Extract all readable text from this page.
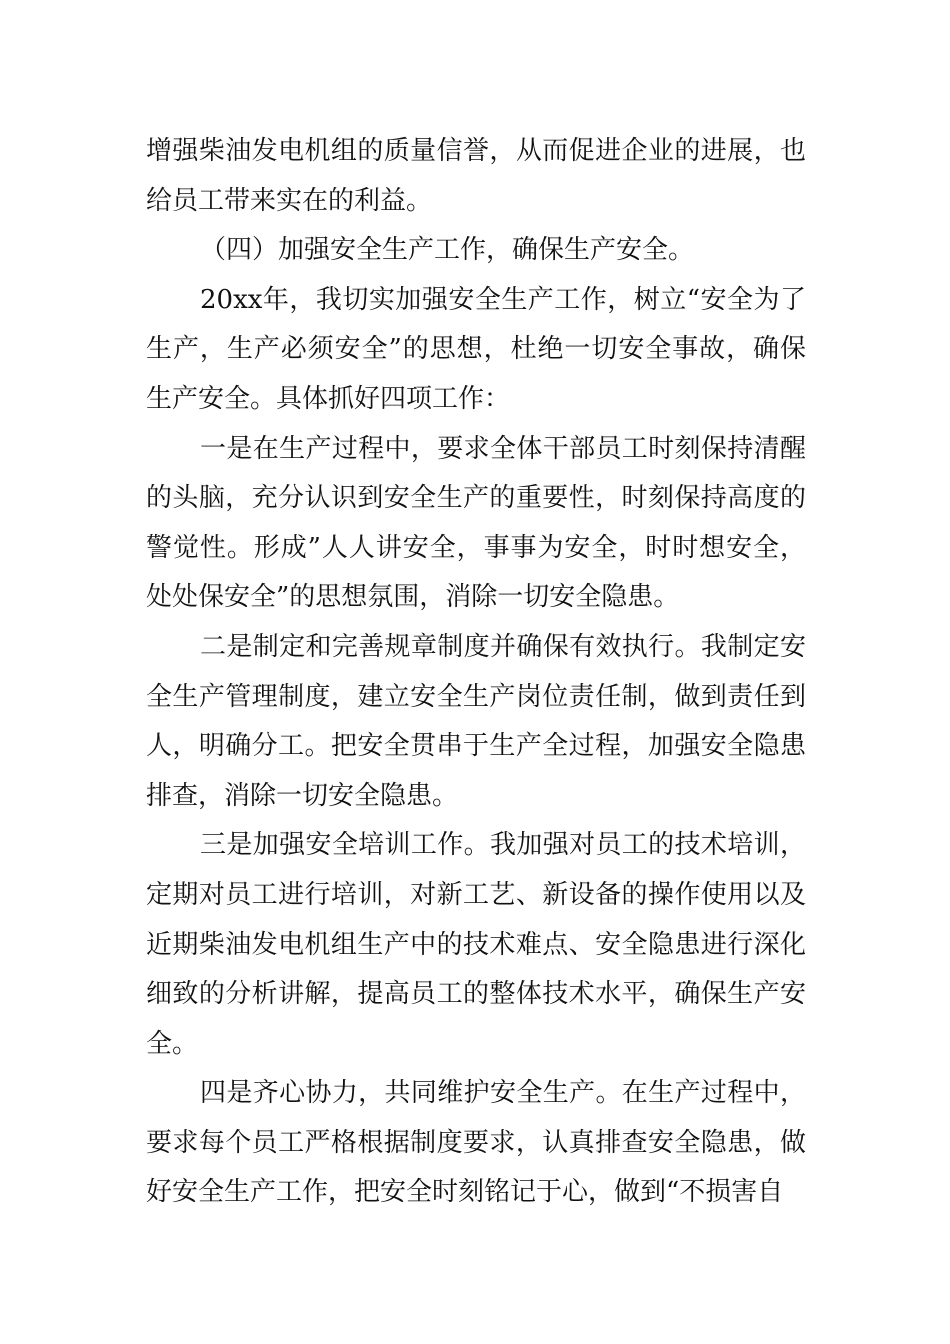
增强柴油发电机组的质量信誉，从而促进企业的进展，也给员工带来实在的利益。

（四）加强安全生产工作，确保生产安全。

20xx年，我切实加强安全生产工作，树立“安全为了生产，生产必须安全”的思想，杜绝一切安全事故，确保生产安全。具体抓好四项工作：

一是在生产过程中，要求全体干部员工时刻保持清醒的头脑，充分认识到安全生产的重要性，时刻保持高度的警觉性。形成”人人讲安全，事事为安全，时时想安全，处处保安全”的思想氛围，消除一切安全隐患。

二是制定和完善规章制度并确保有效执行。我制定安全生产管理制度，建立安全生产岗位责任制，做到责任到人，明确分工。把安全贯串于生产全过程，加强安全隐患排查，消除一切安全隐患。

三是加强安全培训工作。我加强对员工的技术培训，定期对员工进行培训，对新工艺、新设备的操作使用以及近期柴油发电机组生产中的技术难点、安全隐患进行深化细致的分析讲解，提高员工的整体技术水平，确保生产安全。

四是齐心协力，共同维护安全生产。在生产过程中，要求每个员工严格根据制度要求，认真排查安全隐患，做好安全生产工作，把安全时刻铭记于心，做到“不损害自
